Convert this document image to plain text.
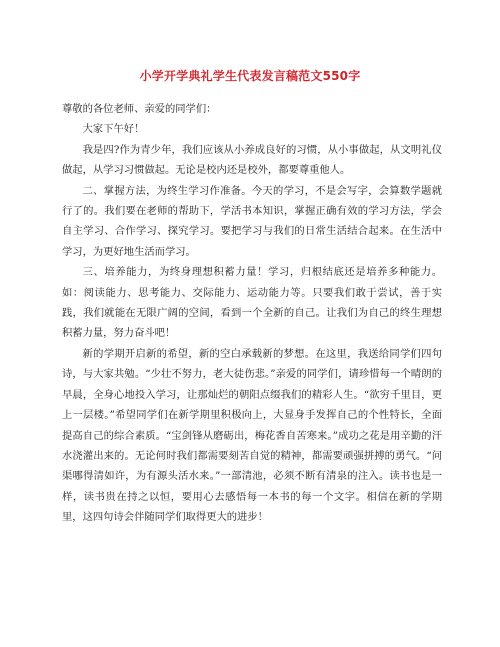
小学开学典礼学生代表发言稿范文550字

尊敬的各位老师、亲爱的同学们：

大家下午好！

我是四?作为青少年，我们应该从小养成良好的习惯，从小事做起，从文明礼仪做起，从学习习惯做起。无论是校内还是校外，都要尊重他人。

二、掌握方法，为终生学习作准备。今天的学习，不是会写字，会算数学题就行了的。我们要在老师的帮助下，学活书本知识，掌握正确有效的学习方法，学会自主学习、合作学习、探究学习。要把学习与我们的日常生活结合起来。在生活中学习，为更好地生活而学习。

三、培养能力，为终身理想积蓄力量！学习，归根结底还是培养多种能力。如：阅读能力、思考能力、交际能力、运动能力等。只要我们敢于尝试，善于实践，我们就能在无限广阔的空间，看到一个全新的自己。让我们为自己的终生理想积蓄力量，努力奋斗吧！

新的学期开启新的希望，新的空白承载新的梦想。在这里，我送给同学们四句诗，与大家共勉。“少壮不努力，老大徒伤悲。”亲爱的同学们，请珍惜每一个晴朗的早晨，全身心地投入学习，让那灿烂的朝阳点缀我们的精彩人生。“欲穷千里目，更上一层楼。”希望同学们在新学期里积极向上，大显身手发挥自己的个性特长，全面提高自己的综合素质。“宝剑锋从磨砺出，梅花香自苦寒来。”成功之花是用辛勤的汗水浇灌出来的。无论何时我们都需要刻苦自觉的精神，都需要顽强拼搏的勇气。“问渠哪得清如许，为有源头活水来。”一部清池，必须不断有清泉的注入。读书也是一样，读书贵在持之以恒，要用心去感悟每一本书的每一个文字。相信在新的学期里，这四句诗会伴随同学们取得更大的进步！
